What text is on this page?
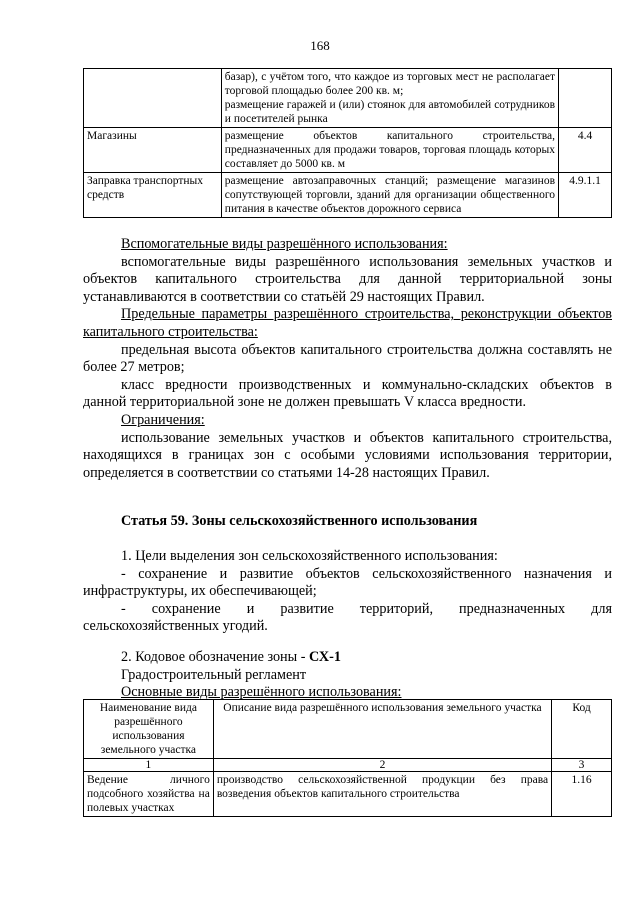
168

	базар), с учётом того, что каждое из торговых мест не располагает торговой площадью более 200 кв. м;
размещение гаражей и (или) стоянок для автомобилей сотрудников и посетителей рынка	

Магазины	размещение объектов капитального строительства, предназначенных для продажи товаров, торговая площадь которых составляет до 5000 кв. м	4.4
Заправка транспортных средств	размещение автозаправочных станций; размещение магазинов сопутствующей торговли, зданий для организации общественного питания в качестве объектов дорожного сервиса	4.9.1.1
Вспомогательные виды разрешённого использования:
вспомогательные виды разрешённого использования земельных участков и объектов капитального строительства для данной территориальной зоны устанавливаются в соответствии со статьёй 29 настоящих Правил.
Предельные параметры разрешённого строительства, реконструкции объектов капитального строительства:
предельная высота объектов капитального строительства должна составлять не более 27 метров;
класс вредности производственных и коммунально-складских объектов в данной территориальной зоне не должен превышать V класса вредности.
Ограничения:
использование земельных участков и объектов капитального строительства, находящихся в границах зон с особыми условиями использования территории, определяется в соответствии со статьями 14-28 настоящих Правил.
Статья 59. Зоны сельскохозяйственного использования
1. Цели выделения зон сельскохозяйственного использования:
- сохранение и развитие объектов сельскохозяйственного назначения и инфраструктуры, их обеспечивающей;
- сохранение и развитие территорий, предназначенных для сельскохозяйственных угодий.
2. Кодовое обозначение зоны - СХ-1
Градостроительный регламент
Основные виды разрешённого использования:
Наименование вида разрешённого использования земельного участка	Описание вида разрешённого использования земельного участка	Код
1	2	3
Ведение личного подсобного хозяйства на полевых участках	производство сельскохозяйственной продукции без права возведения объектов капитального строительства	1.16
